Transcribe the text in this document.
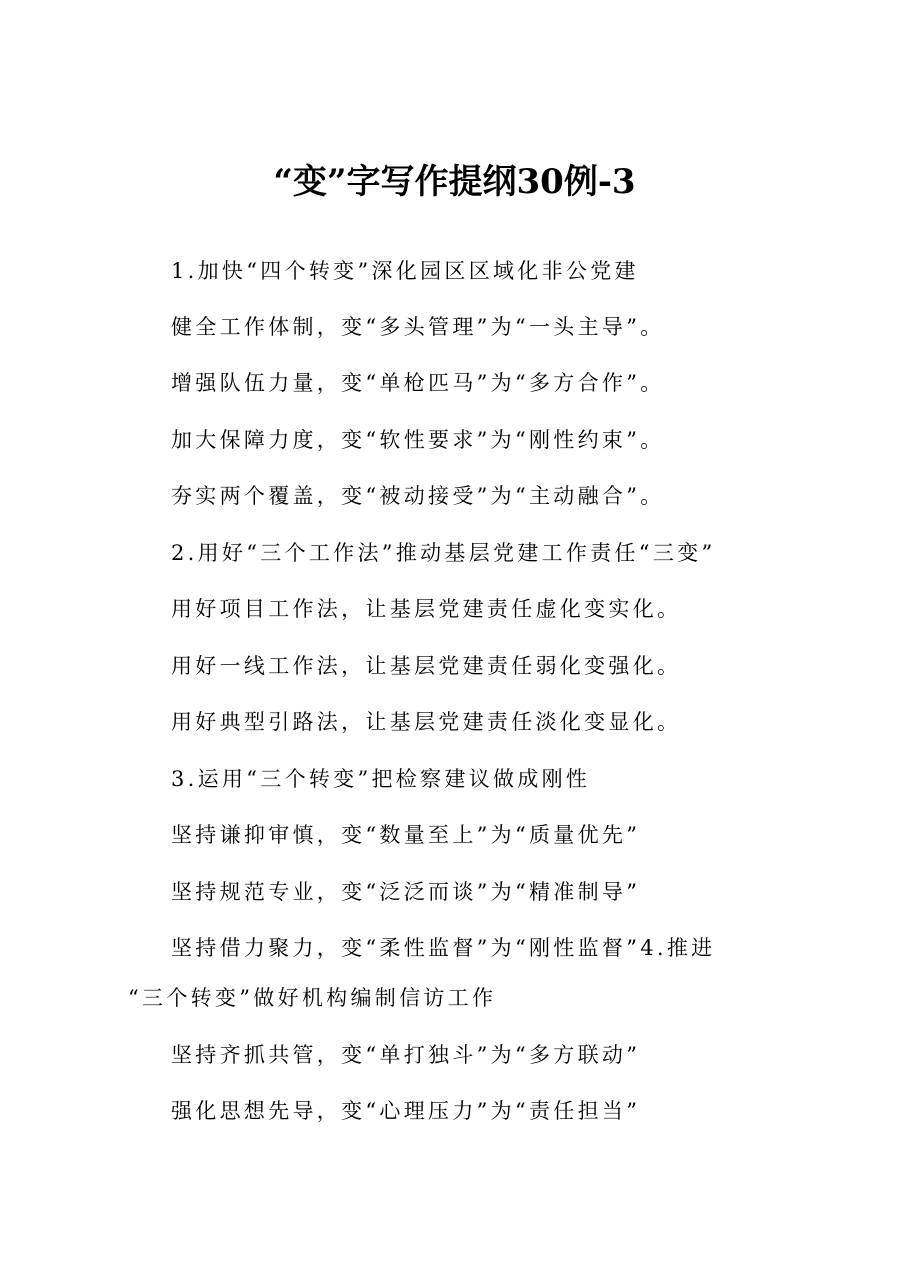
“变”字写作提纲30例-3
1.加快“四个转变”深化园区区域化非公党建
健全工作体制，变“多头管理”为“一头主导”。
增强队伍力量，变“单枪匹马”为“多方合作”。
加大保障力度，变“软性要求”为“刚性约束”。
夯实两个覆盖，变“被动接受”为“主动融合”。
2.用好“三个工作法”推动基层党建工作责任“三变”
用好项目工作法，让基层党建责任虚化变实化。
用好一线工作法，让基层党建责任弱化变强化。
用好典型引路法，让基层党建责任淡化变显化。
3.运用“三个转变”把检察建议做成刚性
坚持谦抑审慎，变“数量至上”为“质量优先”
坚持规范专业，变“泛泛而谈”为“精准制导”
坚持借力聚力，变“柔性监督”为“刚性监督”4.推进
“三个转变”做好机构编制信访工作
坚持齐抓共管，变“单打独斗”为“多方联动”
强化思想先导，变“心理压力”为“责任担当”
